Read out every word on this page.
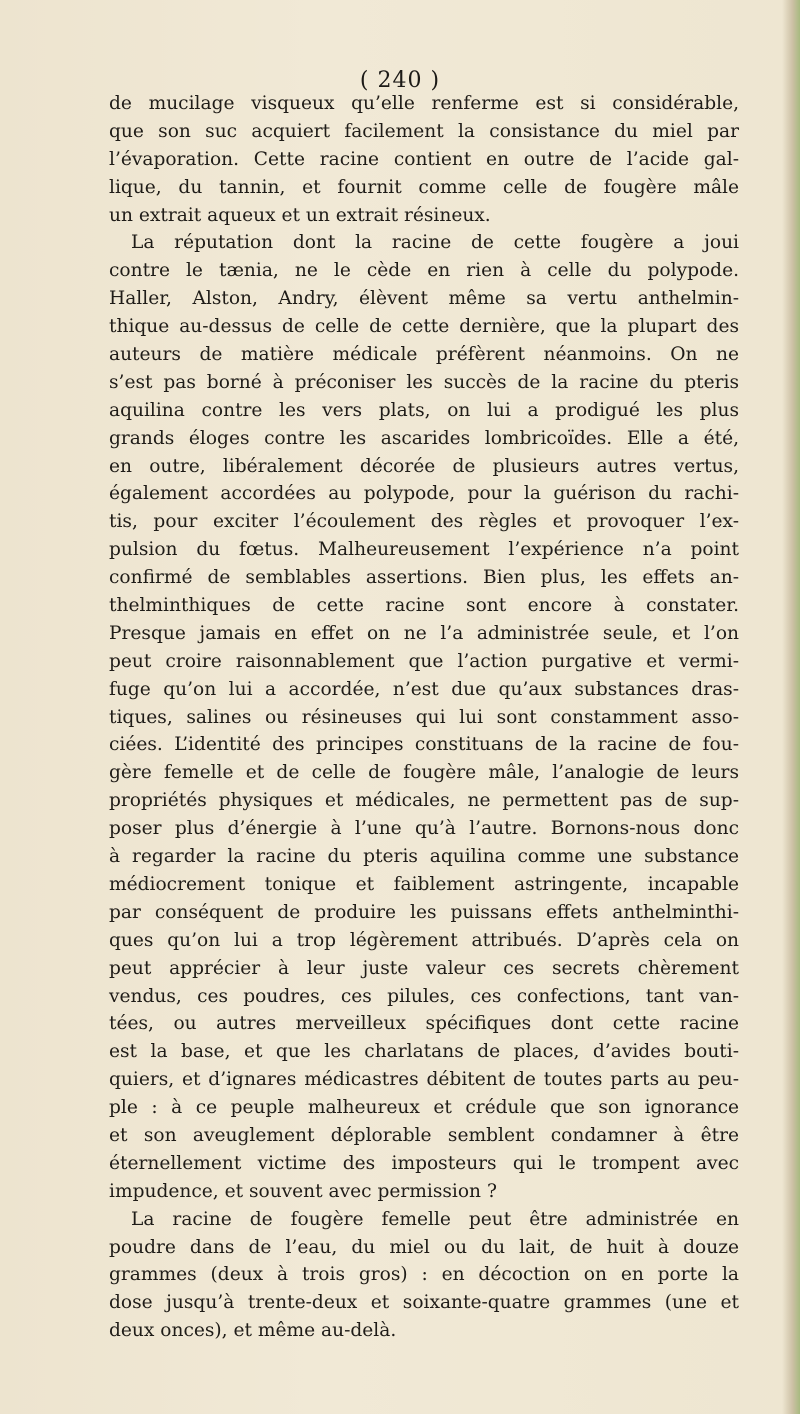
( 240 )
de mucilage visqueux qu’elle renferme est si considérable,
que son suc acquiert facilement la consistance du miel par
l’évaporation. Cette racine contient en outre de l’acide gal-
lique, du tannin, et fournit comme celle de fougère mâle
un extrait aqueux et un extrait résineux.
La réputation dont la racine de cette fougère a joui
contre le tænia, ne le cède en rien à celle du polypode.
Haller, Alston, Andry, élèvent même sa vertu anthelmin-
thique au-dessus de celle de cette dernière, que la plupart des
auteurs de matière médicale préfèrent néanmoins. On ne
s’est pas borné à préconiser les succès de la racine du pteris
aquilina contre les vers plats, on lui a prodigué les plus
grands éloges contre les ascarides lombricoïdes. Elle a été,
en outre, libéralement décorée de plusieurs autres vertus,
également accordées au polypode, pour la guérison du rachi-
tis, pour exciter l’écoulement des règles et provoquer l’ex-
pulsion du fœtus. Malheureusement l’expérience n’a point
confirmé de semblables assertions. Bien plus, les effets an-
thelminthiques de cette racine sont encore à constater.
Presque jamais en effet on ne l’a administrée seule, et l’on
peut croire raisonnablement que l’action purgative et vermi-
fuge qu’on lui a accordée, n’est due qu’aux substances dras-
tiques, salines ou résineuses qui lui sont constamment asso-
ciées. L’identité des principes constituans de la racine de fou-
gère femelle et de celle de fougère mâle, l’analogie de leurs
propriétés physiques et médicales, ne permettent pas de sup-
poser plus d’énergie à l’une qu’à l’autre. Bornons-nous donc
à regarder la racine du pteris aquilina comme une substance
médiocrement tonique et faiblement astringente, incapable
par conséquent de produire les puissans effets anthelminthi-
ques qu’on lui a trop légèrement attribués. D’après cela on
peut apprécier à leur juste valeur ces secrets chèrement
vendus, ces poudres, ces pilules, ces confections, tant van-
tées, ou autres merveilleux spécifiques dont cette racine
est la base, et que les charlatans de places, d’avides bouti-
quiers, et d’ignares médicastres débitent de toutes parts au peu-
ple : à ce peuple malheureux et crédule que son ignorance
et son aveuglement déplorable semblent condamner à être
éternellement victime des imposteurs qui le trompent avec
impudence, et souvent avec permission ?
La racine de fougère femelle peut être administrée en
poudre dans de l’eau, du miel ou du lait, de huit à douze
grammes (deux à trois gros) : en décoction on en porte la
dose jusqu’à trente-deux et soixante-quatre grammes (une et
deux onces), et même au-delà.
